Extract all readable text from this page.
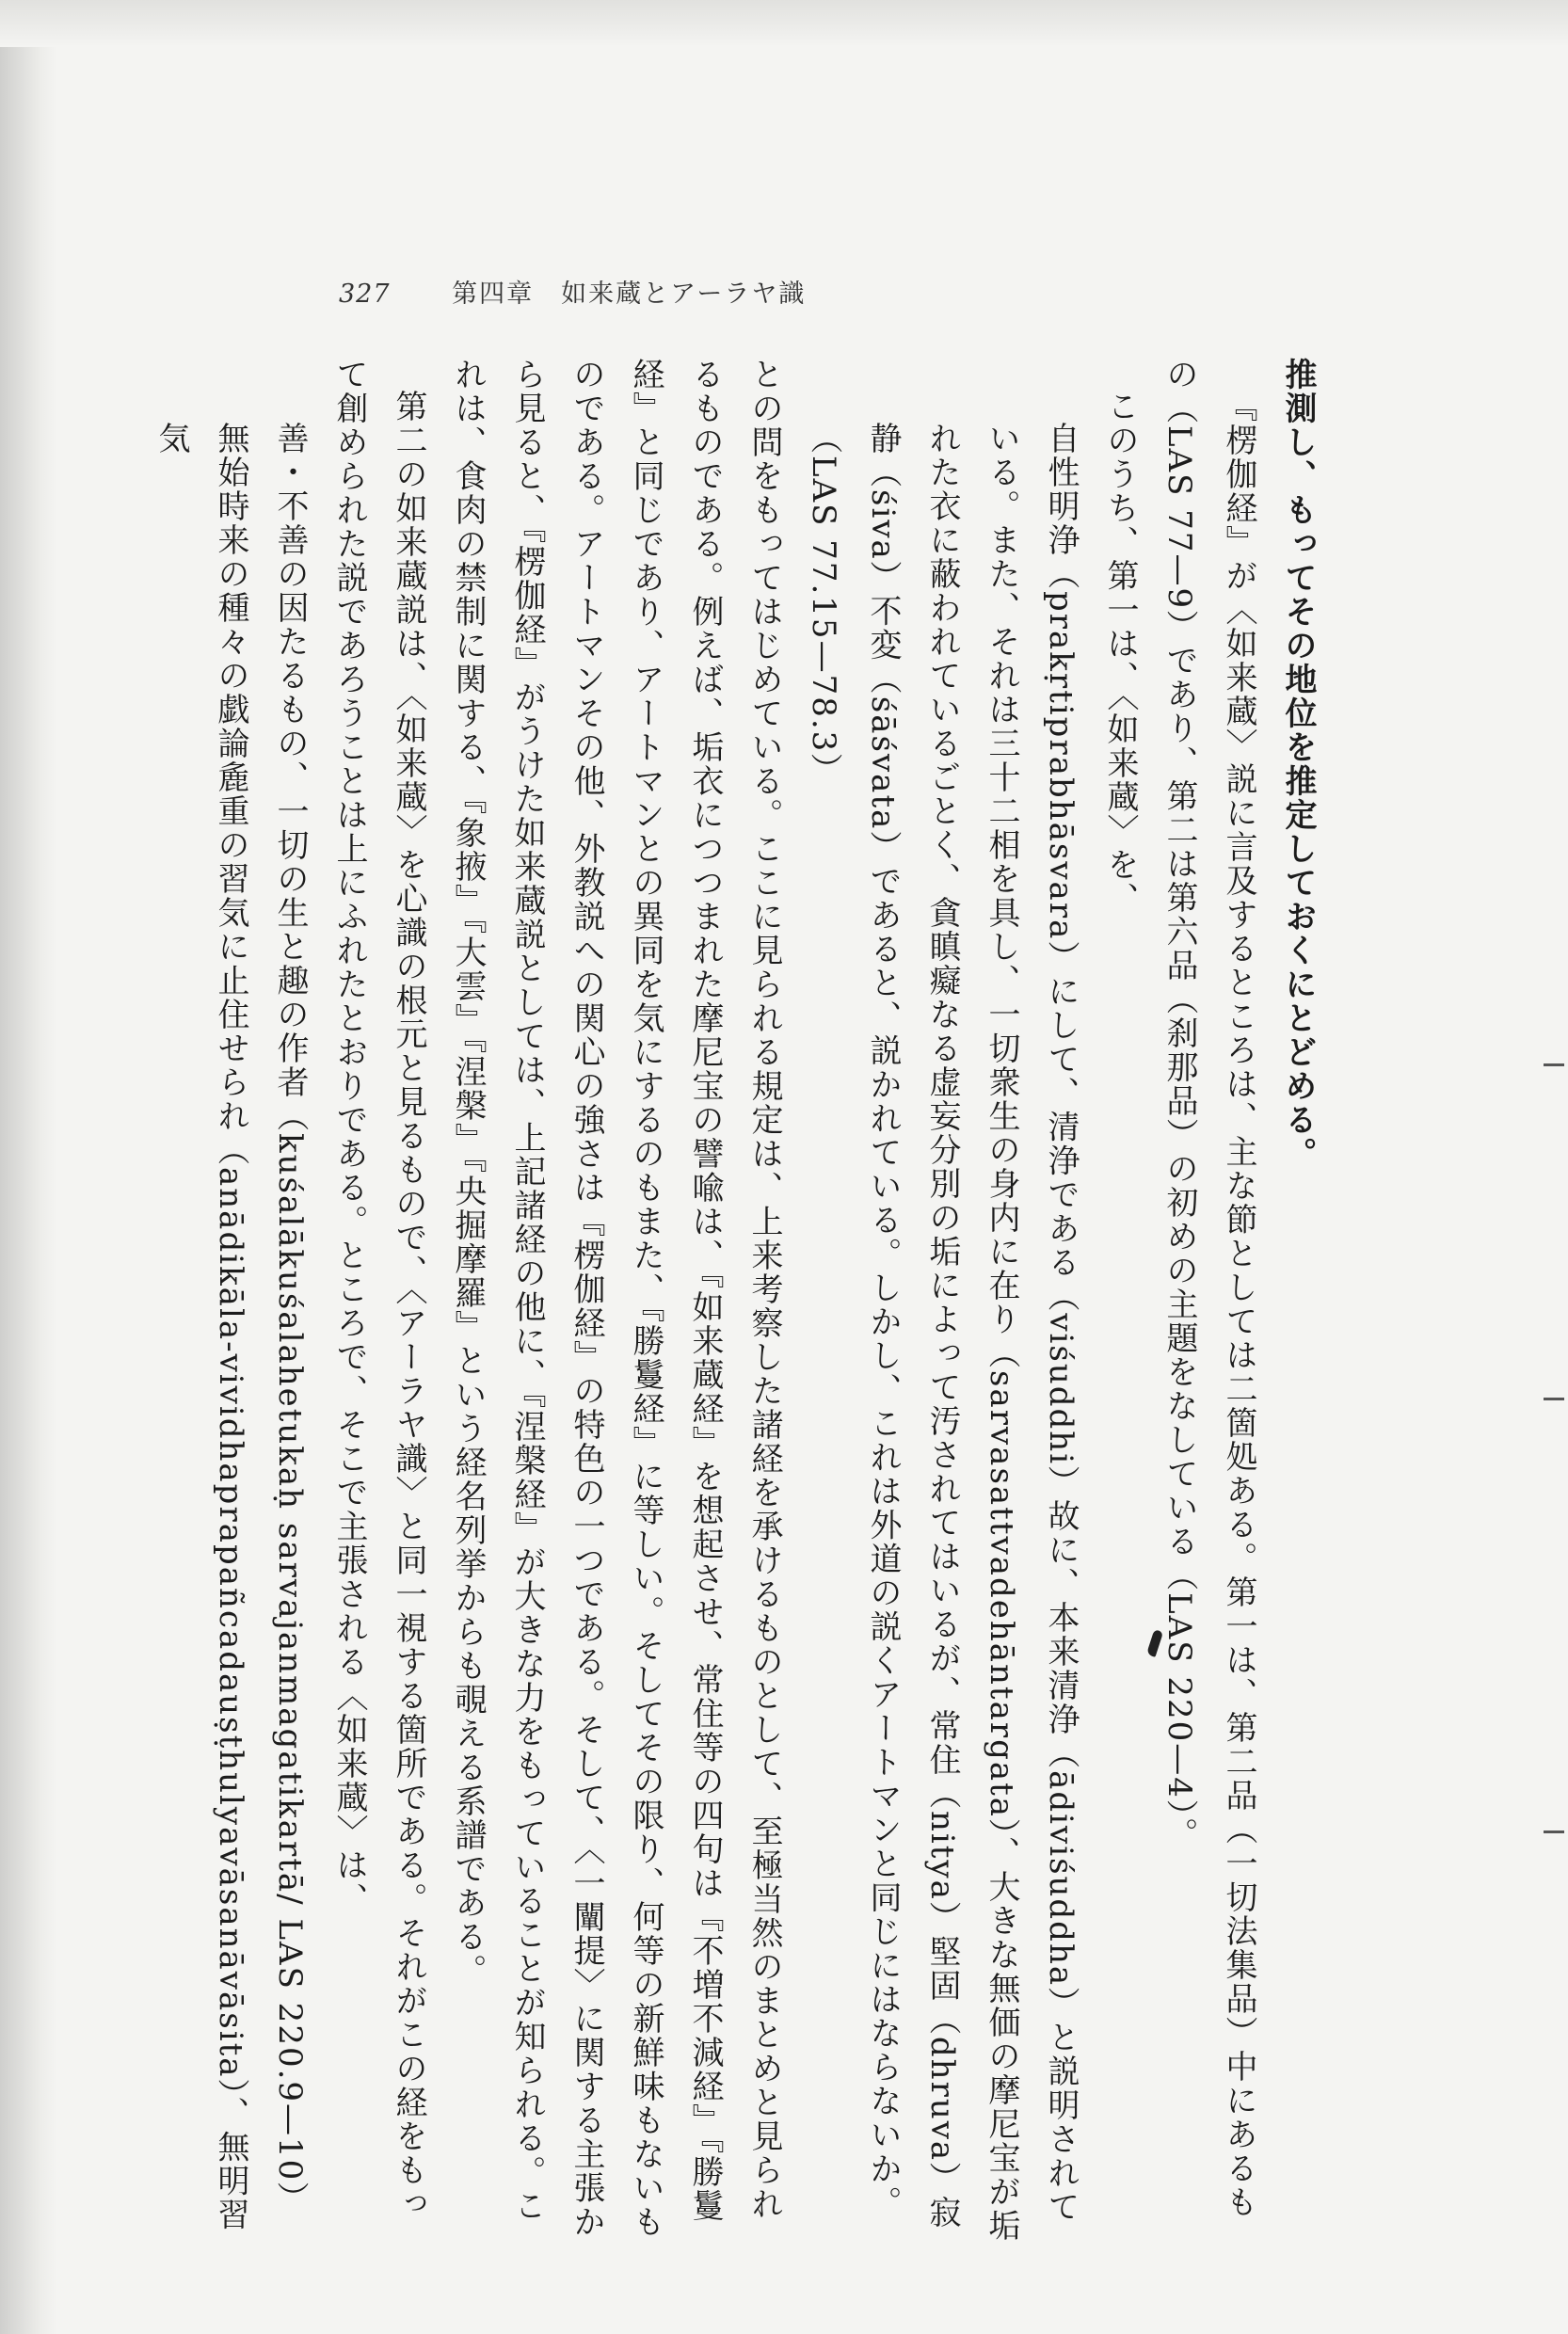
327 第四章　如来蔵とアーラヤ識

推測し、もってその地位を推定しておくにとどめる。

『楞伽経』が〈如来蔵〉説に言及するところは、主な節としては二箇処ある。第一は、第二品（一切法集品）中にあるもの（LAS 77—9）であり、第二は第六品（刹那品）の初めの主題をなしている（LAS 220—4）。

このうち、第一は、〈如来蔵〉を、

自性明浄（prakṛtiprabhāsvara）にして、清浄である（viśuddhi）故に、本来清浄（ādiviśuddha）と説明されている。また、それは三十二相を具し、一切衆生の身内に在り（sarvasattvadehāntargata）、大きな無価の摩尼宝が垢れた衣に蔽われているごとく、貪瞋癡なる虚妄分別の垢によって汚されてはいるが、常住（nitya）堅固（dhruva）寂静（śiva）不変（śāśvata）であると、説かれている。しかし、これは外道の説くアートマンと同じにはならないか。（LAS 77.15—78.3）

との問をもってはじめている。ここに見られる規定は、上来考察した諸経を承けるものとして、至極当然のまとめと見られるものである。例えば、垢衣につつまれた摩尼宝の譬喩は、『如来蔵経』を想起させ、常住等の四句は『不増不減経』『勝鬘経』と同じであり、アートマンとの異同を気にするのもまた、『勝鬘経』に等しい。そしてその限り、何等の新鮮味もないものである。アートマンその他、外教説への関心の強さは『楞伽経』の特色の一つである。そして、〈一闡提〉に関する主張から見ると、『楞伽経』がうけた如来蔵説としては、上記諸経の他に、『涅槃経』が大きな力をもっていることが知られる。これは、食肉の禁制に関する、『象掖』『大雲』『涅槃』『央掘摩羅』という経名列挙からも覗える系譜である。

第二の如来蔵説は、〈如来蔵〉を心識の根元と見るもので、〈アーラヤ識〉と同一視する箇所である。それがこの経をもって創められた説であろうことは上にふれたとおりである。ところで、そこで主張される〈如来蔵〉は、

善・不善の因たるもの、一切の生と趣の作者（kuśalākuśalahetukaḥ sarvajanmagatikartā/ LAS 220.9—10）

無始時来の種々の戯論麁重の習気に止住せられ（anādikāla-vividhaprapañcadauṣṭhulyavāsanāvāsita）、無明習気
